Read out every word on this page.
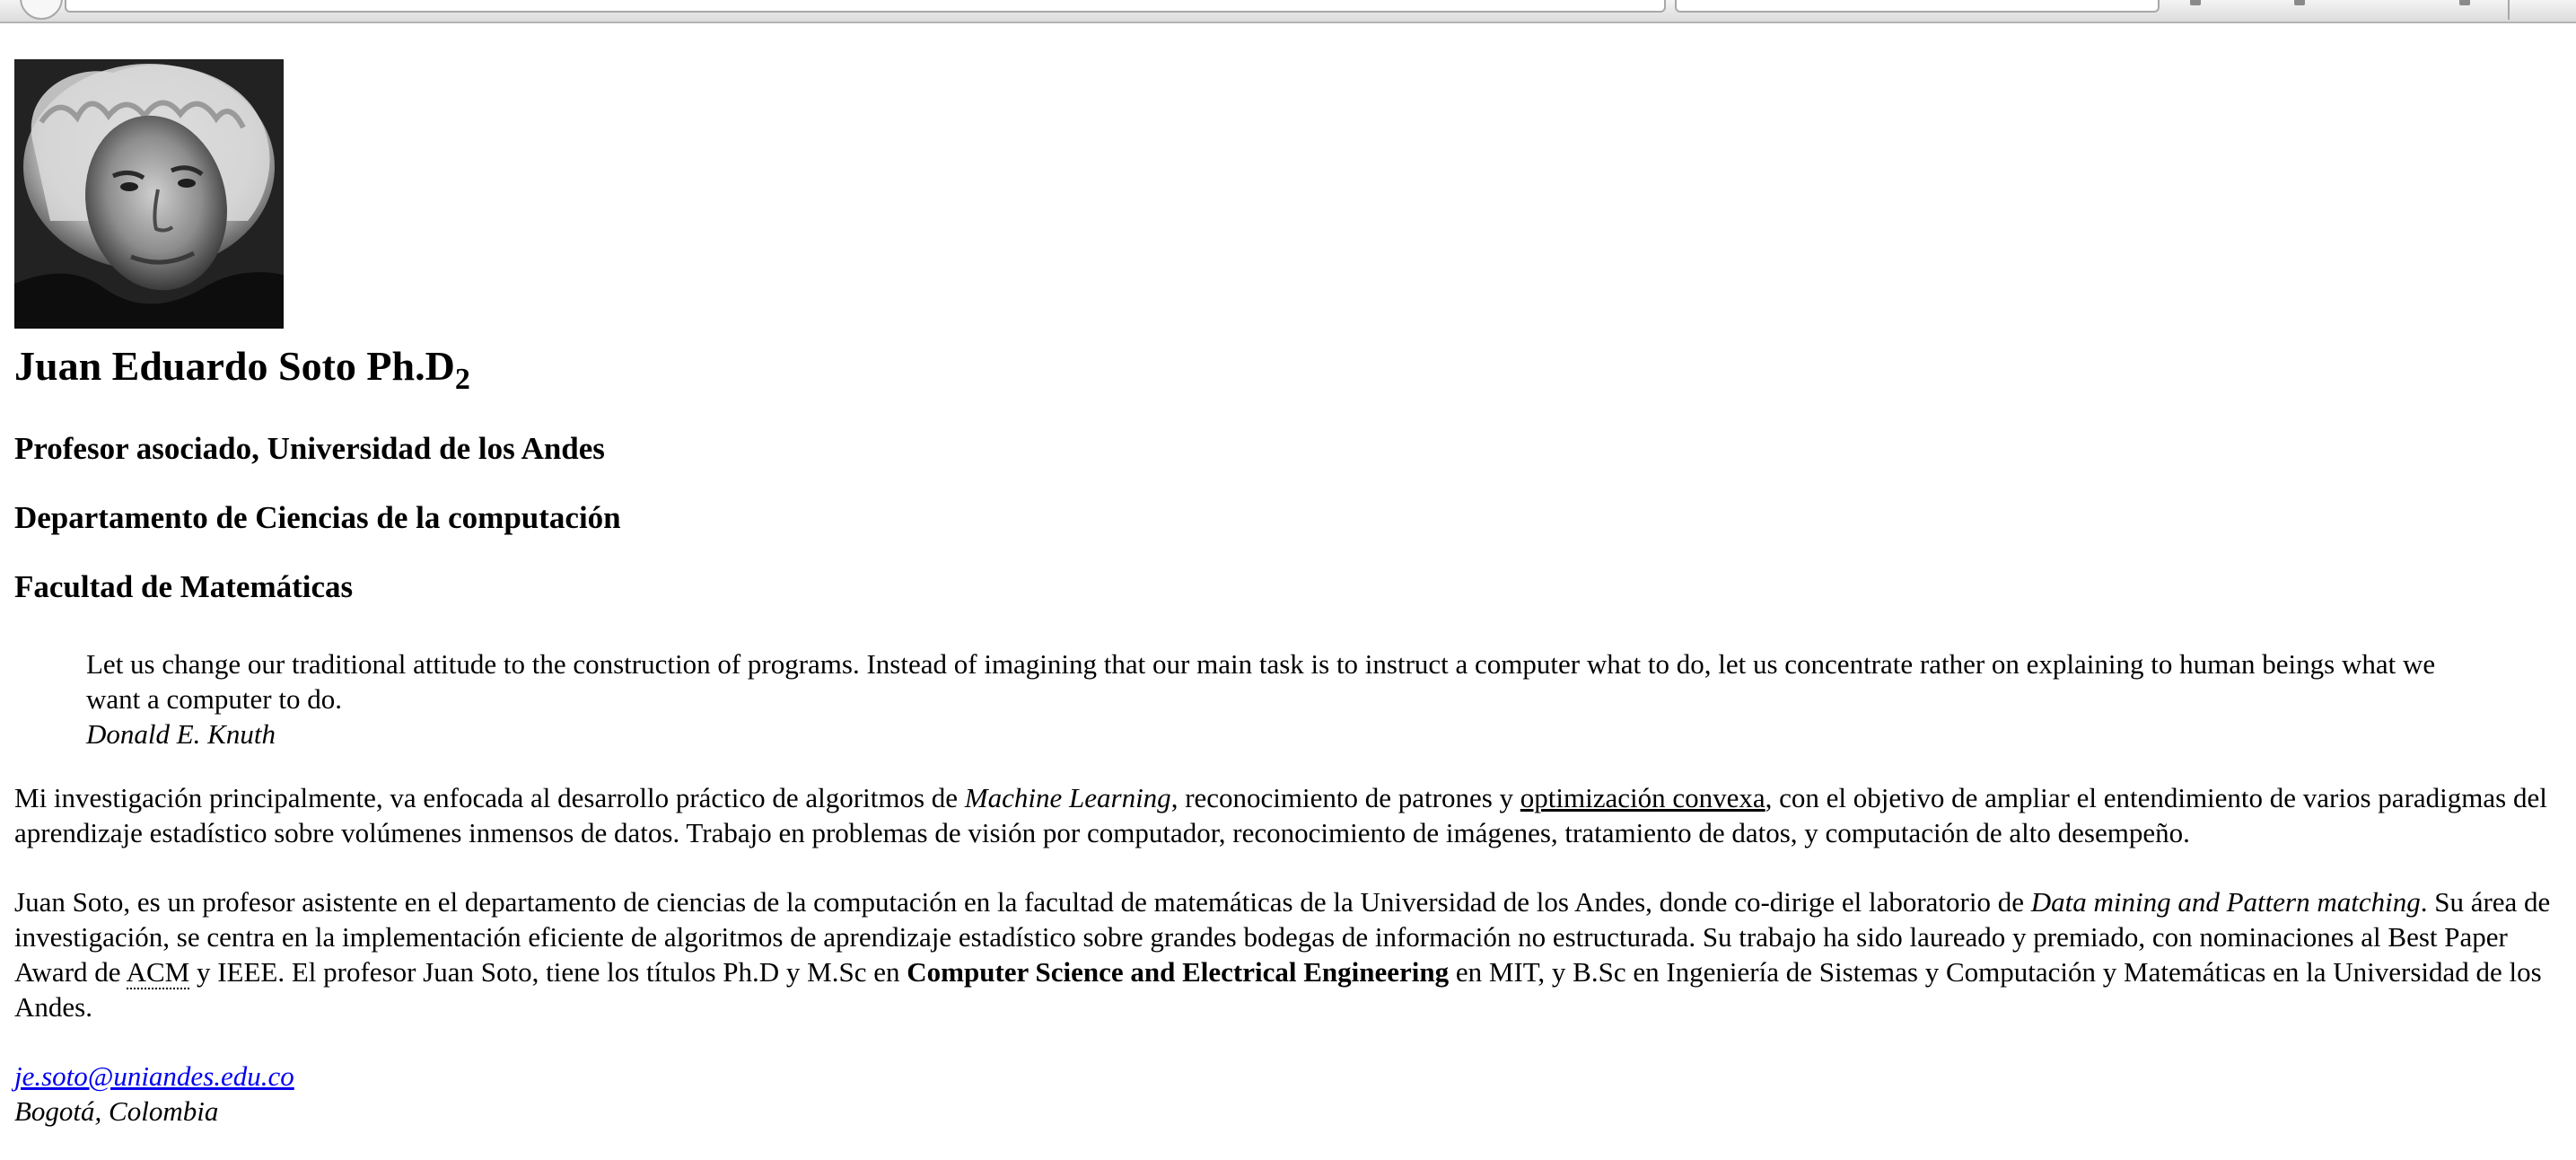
Juan Eduardo Soto $Ph.D_2$
Profesor asociado, Universidad de los Andes
Departamento de Ciencias de la computación
Facultad de Matemáticas
Let us change our traditional attitude to the construction of programs. Instead of imagining that our main task is to instruct a computer what to do, let us concentrate rather on explaining to human beings what we want a computer to do.
Donald E. Knuth

Mi investigación principalmente, va enfocada al desarrollo práctico de algoritmos de Machine Learning, reconocimiento de patrones y optimización convexa, con el objetivo de ampliar el entendimiento de varios paradigmas del aprendizaje estadístico sobre volúmenes inmensos de datos. Trabajo en problemas de visión por computador, reconocimiento de imágenes, tratamiento de datos, y computación de alto desempeño.

Juan Soto, es un profesor asistente en el departamento de ciencias de la computación en la facultad de matemáticas de la Universidad de los Andes, donde co-dirige el laboratorio de Data mining and Pattern matching. Su área de investigación, se centra en la implementación eficiente de algoritmos de aprendizaje estadístico sobre grandes bodegas de información no estructurada. Su trabajo ha sido laureado y premiado, con nominaciones al Best Paper Award de ACM y IEEE. El profesor Juan Soto, tiene los títulos Ph.D y M.Sc en Computer Science and Electrical Engineering en MIT, y B.Sc en Ingeniería de Sistemas y Computación y Matemáticas en la Universidad de los Andes.

je.soto@uniandes.edu.co
Bogotá, Colombia
